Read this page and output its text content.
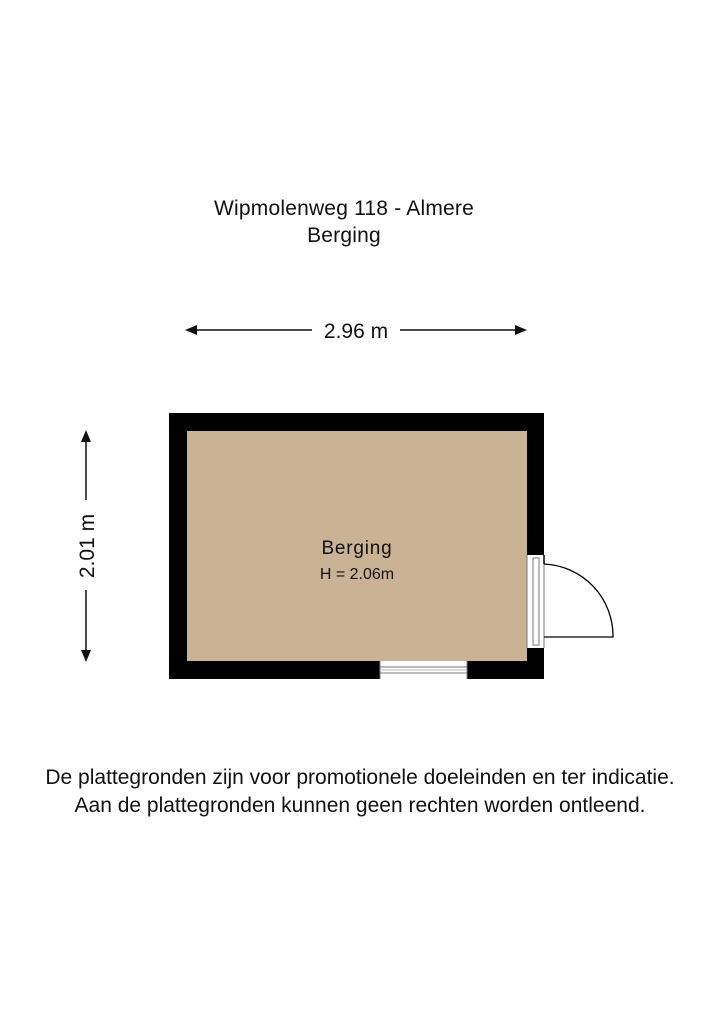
Wipmolenweg 118 - Almere
Berging
2.96 m
2.01 m	Berging
H = 2.06m
De plattegronden zijn voor promotionele doeleinden en ter indicatie.
Aan de plattegronden kunnen geen rechten worden ontleend.
